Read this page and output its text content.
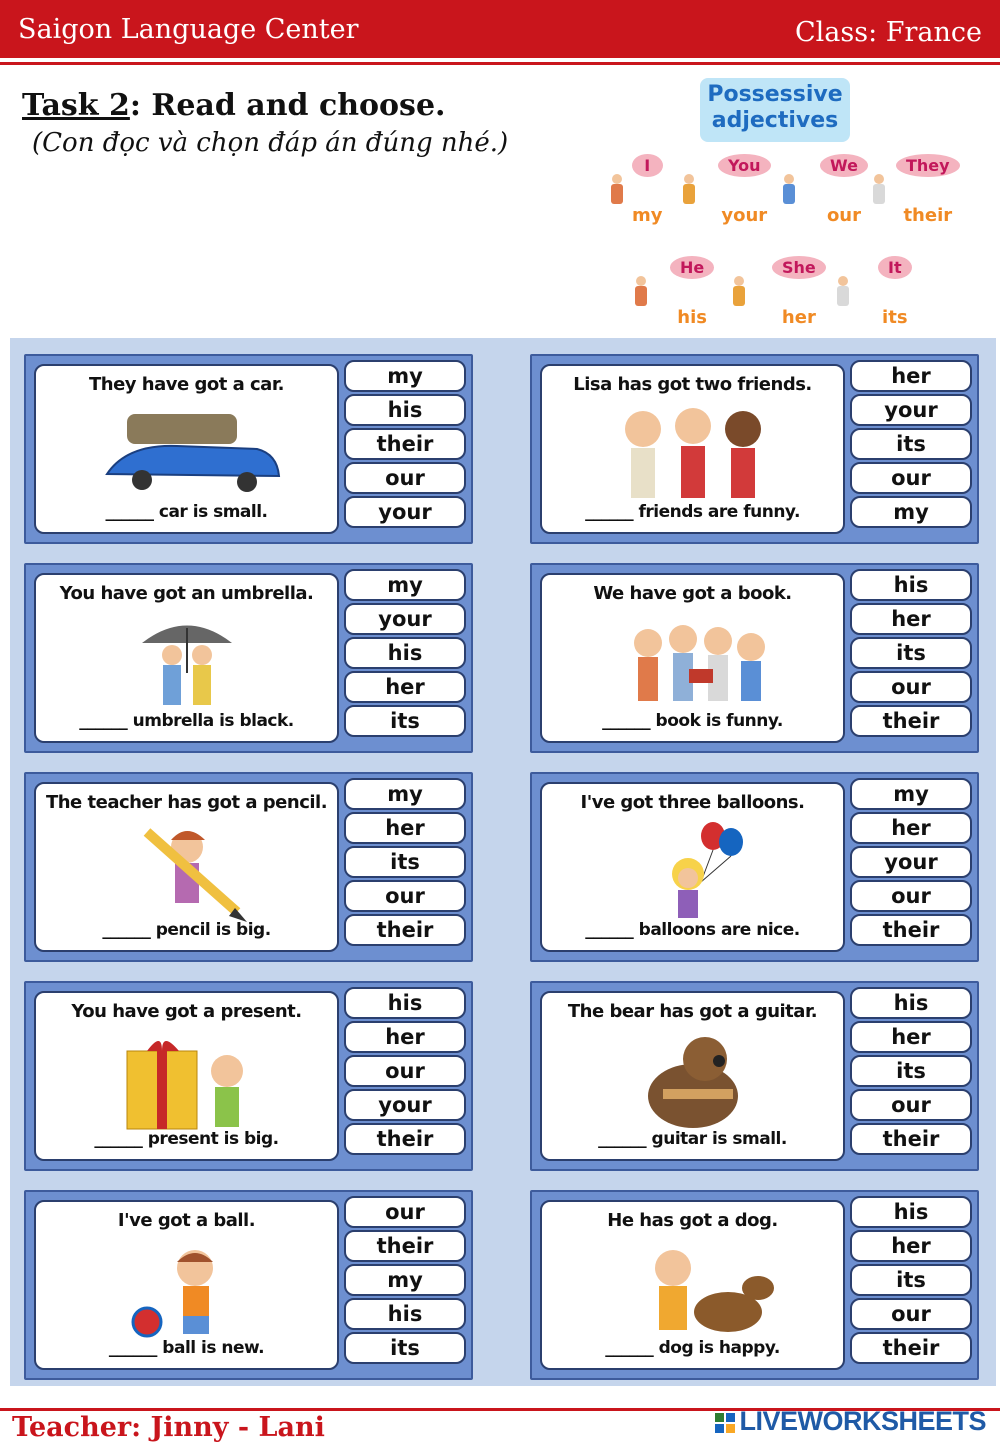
Saigon Language Center	Class: France
Task 2: Read and choose.
(Con đọc và chọn đáp án đúng nhé.)
Possessive
adjectives
I
my
You
your
We
our
They
their
He
his
She
her
It
its
They have got a car.
______ car is small.
my
his
their
our
your
Lisa has got two friends.
______ friends are funny.
her
your
its
our
my
You have got an umbrella.
______ umbrella is black.
my
your
his
her
its
We have got a book.
______ book is funny.
his
her
its
our
their
The teacher has got a pencil.
______ pencil is big.
my
her
its
our
their
I've got three balloons.
______ balloons are nice.
my
her
your
our
their
You have got a present.
______ present is big.
his
her
our
your
their
The bear has got a guitar.
______ guitar is small.
his
her
its
our
their
I've got a ball.
______ ball is new.
our
their
my
his
its
He has got a dog.
______ dog is happy.
his
her
its
our
their
Teacher: Jinny - Lani	LIVEWORKSHEETS
